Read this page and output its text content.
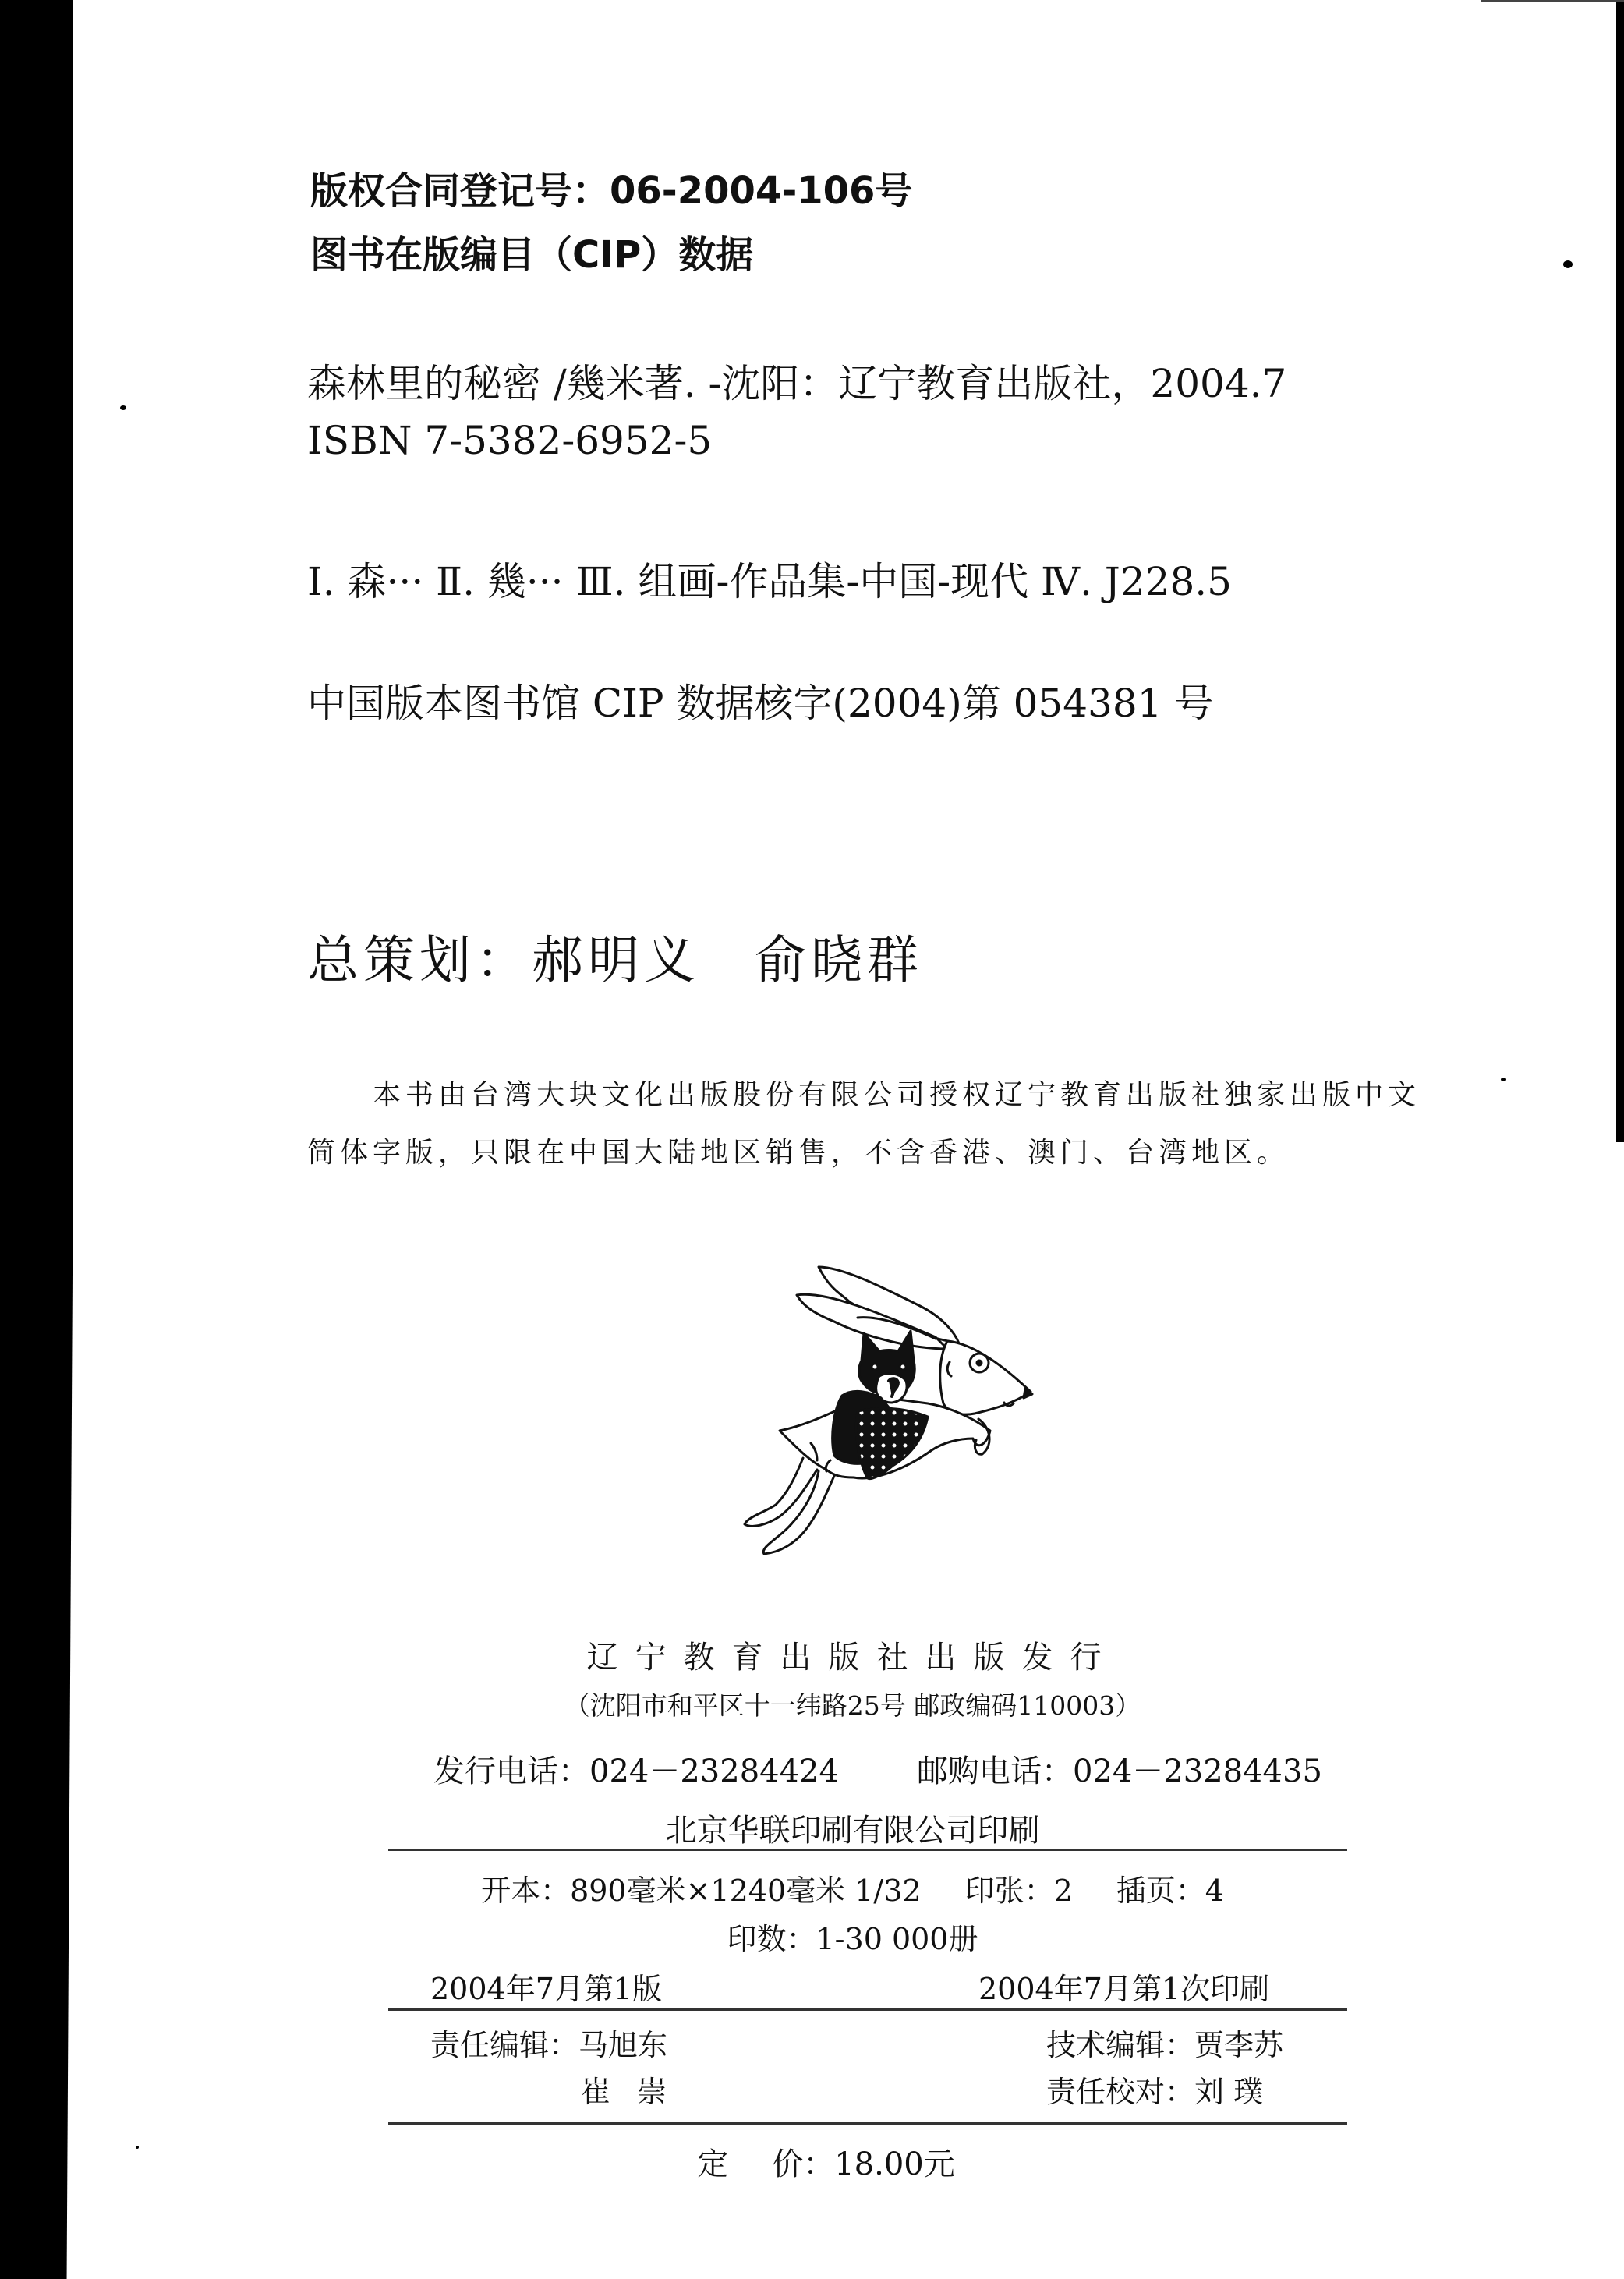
版权合同登记号：06-2004-106号
图书在版编目（CIP）数据
森林里的秘密 /幾米著. -沈阳：辽宁教育出版社，2004.7
ISBN 7-5382-6952-5
I. 森··· Ⅱ. 幾··· Ⅲ. 组画-作品集-中国-现代 Ⅳ. J228.5
中国版本图书馆 CIP 数据核字(2004)第 054381 号
总策划：郝明义 俞晓群
本书由台湾大块文化出版股份有限公司授权辽宁教育出版社独家出版中文
简体字版，只限在中国大陆地区销售，不含香港、澳门、台湾地区。
辽宁教育出版社出版发行
（沈阳市和平区十一纬路25号 邮政编码110003）
发行电话：024－23284424	邮购电话：024－23284435
北京华联印刷有限公司印刷
开本：890毫米×1240毫米 1/32 印张：2 插页：4
印数：1-30 000册
2004年7月第1版	2004年7月第1次印刷
责任编辑：马旭东
崔崇
技术编辑：贾李苏
责任校对：刘 璞
定 价：18.00元
